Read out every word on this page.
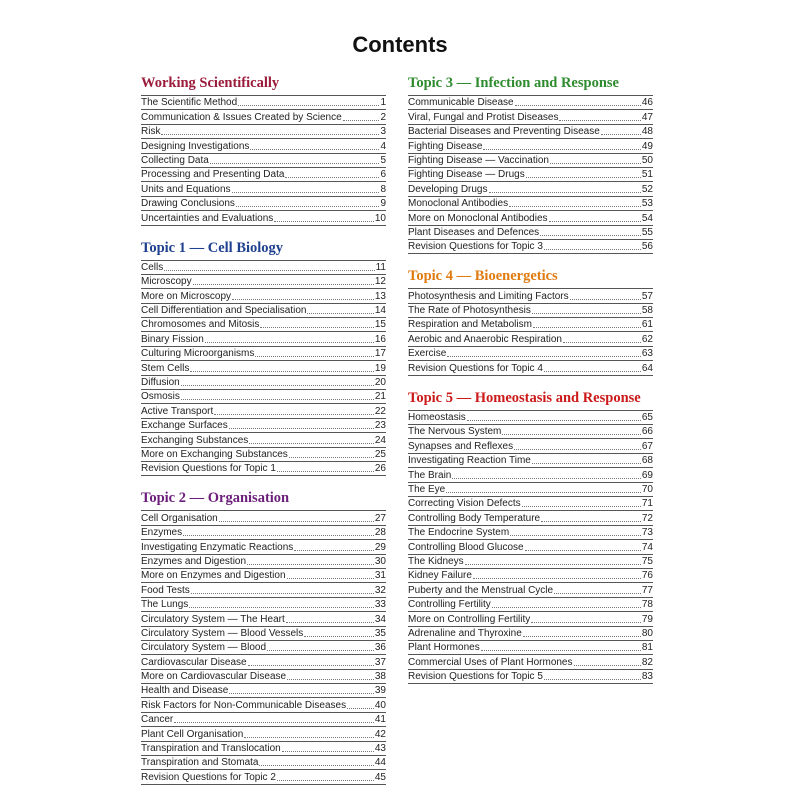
Contents
Working Scientifically
The Scientific Method	1
Communication & Issues Created by Science	2
Risk	3
Designing Investigations	4
Collecting Data	5
Processing and Presenting Data	6
Units and Equations	8
Drawing Conclusions	9
Uncertainties and Evaluations	10
Topic 1 — Cell Biology
Cells	11
Microscopy	12
More on Microscopy	13
Cell Differentiation and Specialisation	14
Chromosomes and Mitosis	15
Binary Fission	16
Culturing Microorganisms	17
Stem Cells	19
Diffusion	20
Osmosis	21
Active Transport	22
Exchange Surfaces	23
Exchanging Substances	24
More on Exchanging Substances	25
Revision Questions for Topic 1	26
Topic 2 — Organisation
Cell Organisation	27
Enzymes	28
Investigating Enzymatic Reactions	29
Enzymes and Digestion	30
More on Enzymes and Digestion	31
Food Tests	32
The Lungs	33
Circulatory System — The Heart	34
Circulatory System — Blood Vessels	35
Circulatory System — Blood	36
Cardiovascular Disease	37
More on Cardiovascular Disease	38
Health and Disease	39
Risk Factors for Non-Communicable Diseases	40
Cancer	41
Plant Cell Organisation	42
Transpiration and Translocation	43
Transpiration and Stomata	44
Revision Questions for Topic 2	45
Topic 3 — Infection and Response
Communicable Disease	46
Viral, Fungal and Protist Diseases	47
Bacterial Diseases and Preventing Disease	48
Fighting Disease	49
Fighting Disease — Vaccination	50
Fighting Disease — Drugs	51
Developing Drugs	52
Monoclonal Antibodies	53
More on Monoclonal Antibodies	54
Plant Diseases and Defences	55
Revision Questions for Topic 3	56
Topic 4 — Bioenergetics
Photosynthesis and Limiting Factors	57
The Rate of Photosynthesis	58
Respiration and Metabolism	61
Aerobic and Anaerobic Respiration	62
Exercise	63
Revision Questions for Topic 4	64
Topic 5 — Homeostasis and Response
Homeostasis	65
The Nervous System	66
Synapses and Reflexes	67
Investigating Reaction Time	68
The Brain	69
The Eye	70
Correcting Vision Defects	71
Controlling Body Temperature	72
The Endocrine System	73
Controlling Blood Glucose	74
The Kidneys	75
Kidney Failure	76
Puberty and the Menstrual Cycle	77
Controlling Fertility	78
More on Controlling Fertility	79
Adrenaline and Thyroxine	80
Plant Hormones	81
Commercial Uses of Plant Hormones	82
Revision Questions for Topic 5	83
